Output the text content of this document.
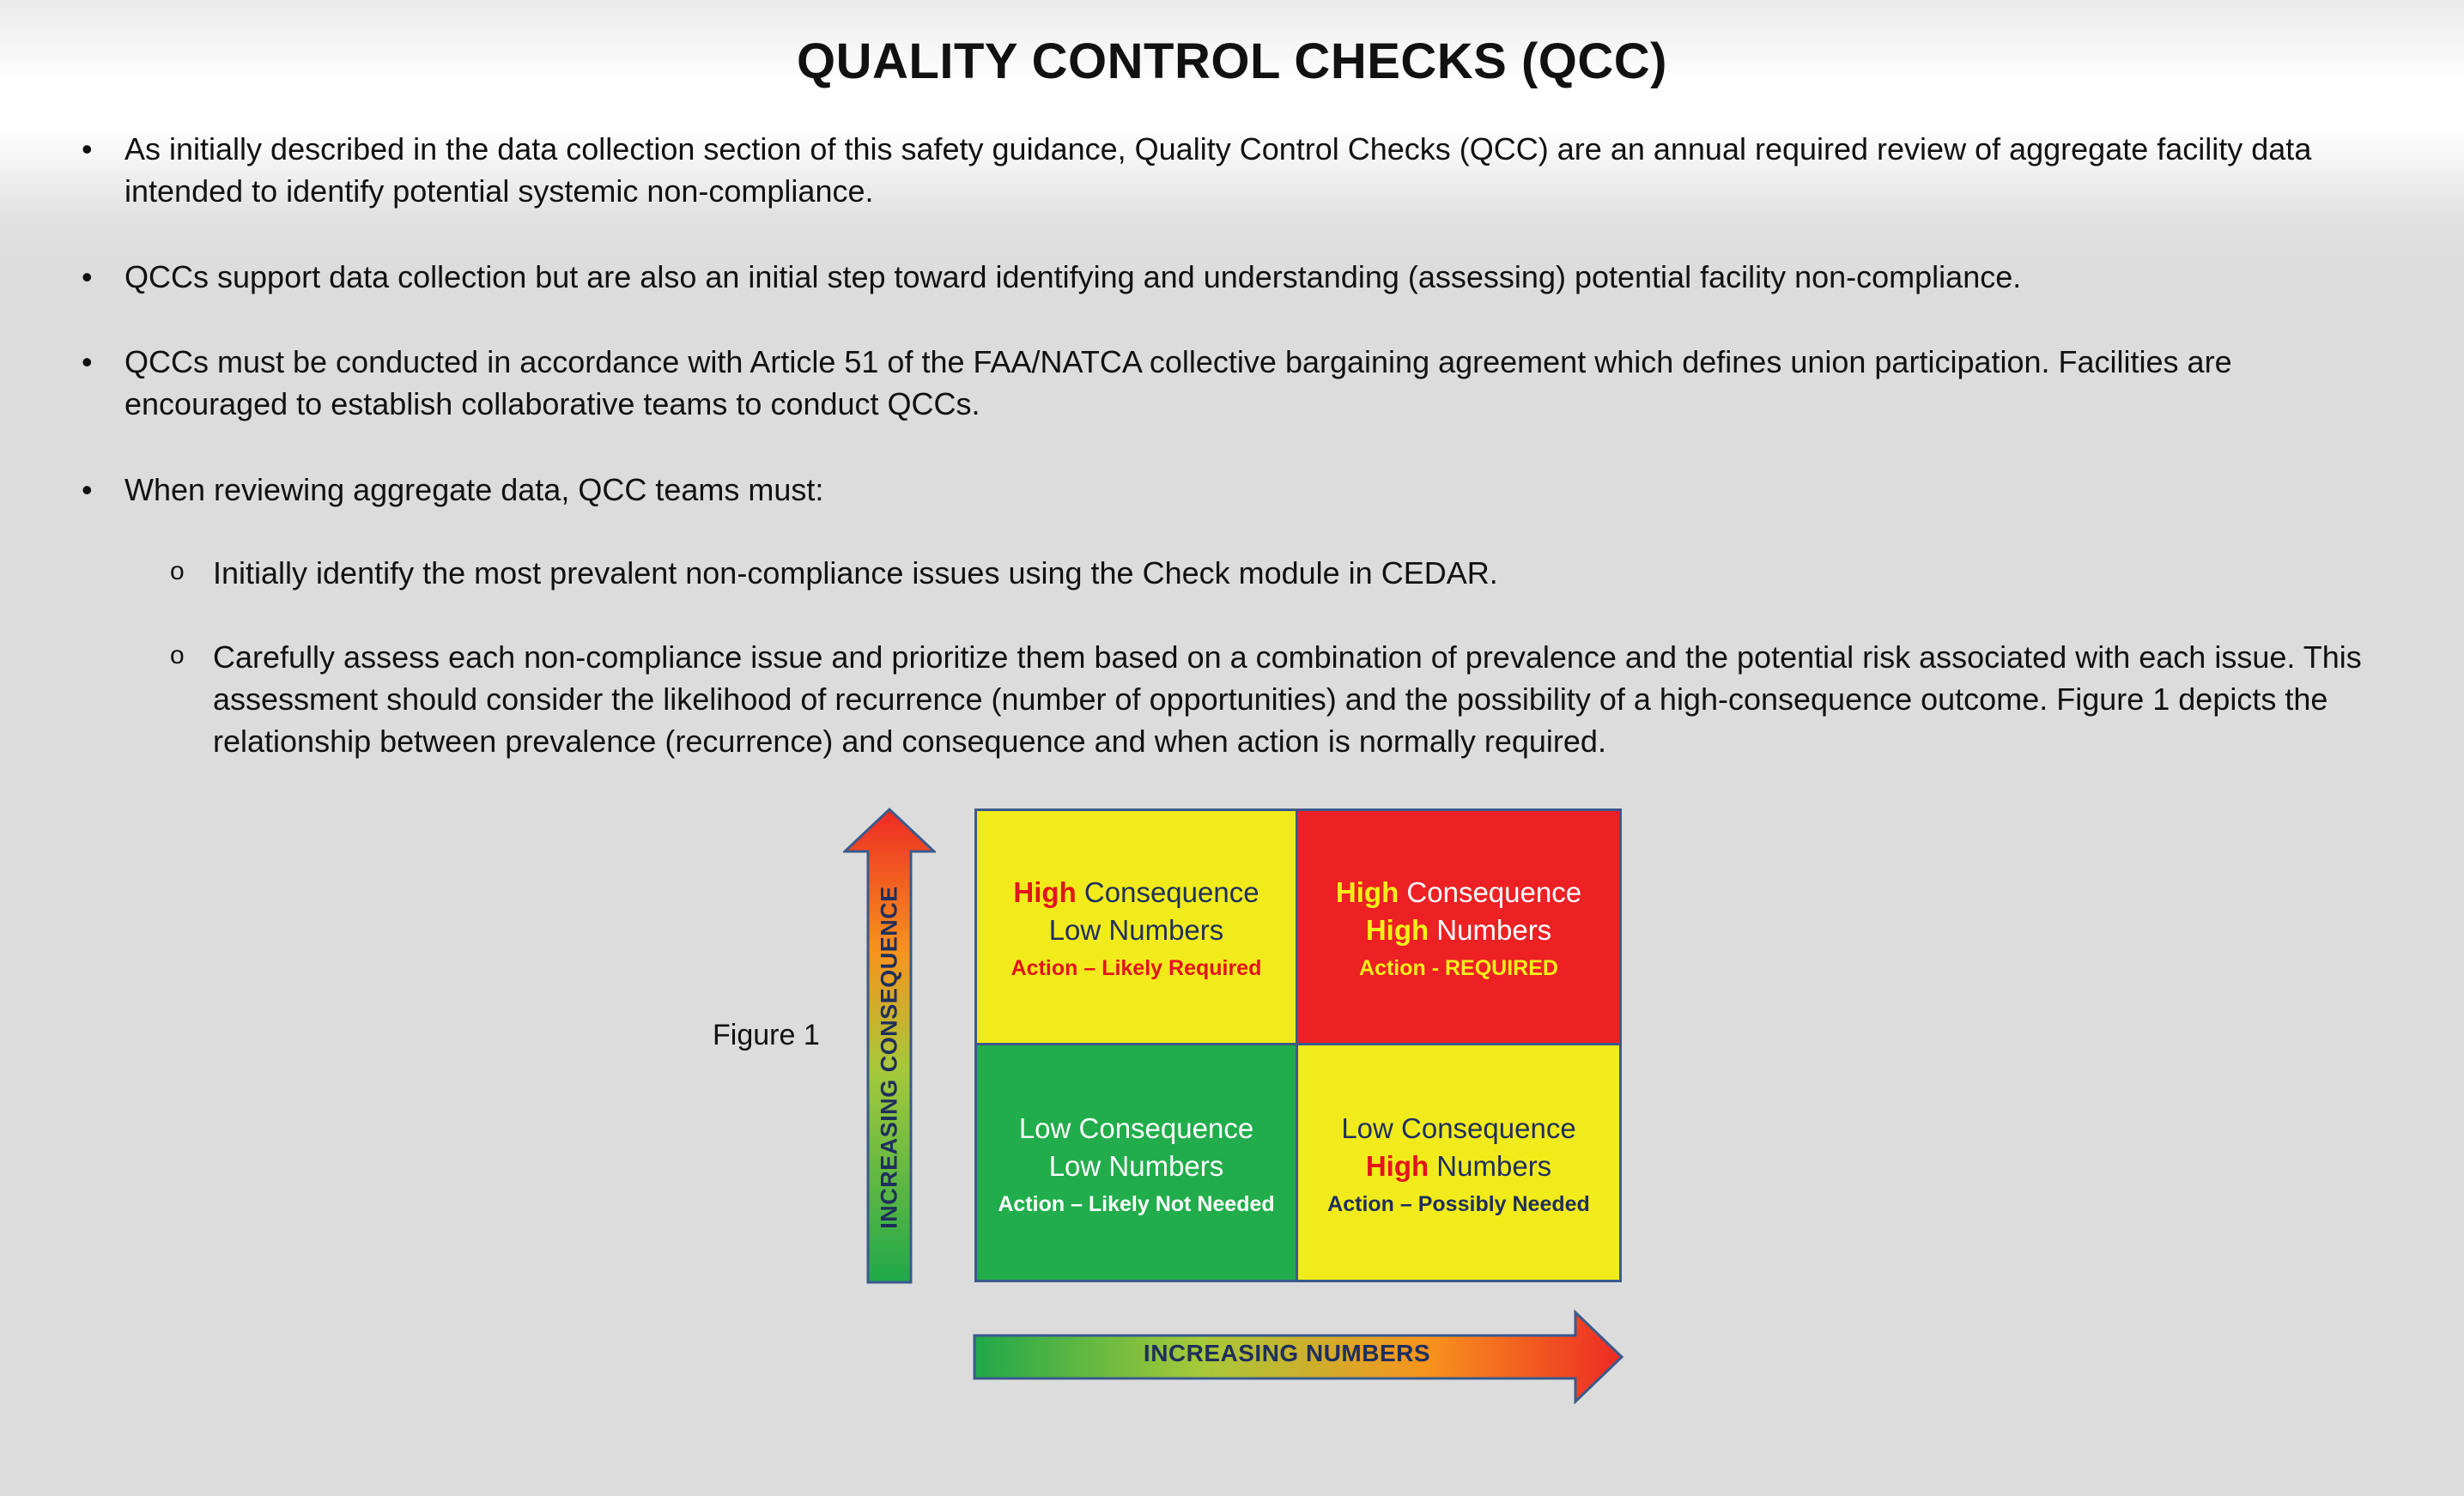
QUALITY CONTROL CHECKS (QCC)
• As initially described in the data collection section of this safety guidance, Quality Control Checks (QCC) are an annual required review of aggregate facility data intended to identify potential systemic non-compliance.
• QCCs support data collection but are also an initial step toward identifying and understanding (assessing) potential facility non-compliance.
• QCCs must be conducted in accordance with Article 51 of the FAA/NATCA collective bargaining agreement which defines union participation. Facilities are encouraged to establish collaborative teams to conduct QCCs.
• When reviewing aggregate data, QCC teams must:
o Initially identify the most prevalent non-compliance issues using the Check module in CEDAR.
o Carefully assess each non-compliance issue and prioritize them based on a combination of prevalence and the potential risk associated with each issue. This assessment should consider the likelihood of recurrence (number of opportunities) and the possibility of a high-consequence outcome. Figure 1 depicts the relationship between prevalence (recurrence) and consequence and when action is normally required.
Figure 1 INCREASING CONSEQUENCE
INCREASING NUMBERS
High Consequence
Low Numbers
Action – Likely Required
High Consequence
High Numbers
Action - REQUIRED
Low Consequence
Low Numbers
Action – Likely Not Needed
Low Consequence
High Numbers
Action – Possibly Needed
